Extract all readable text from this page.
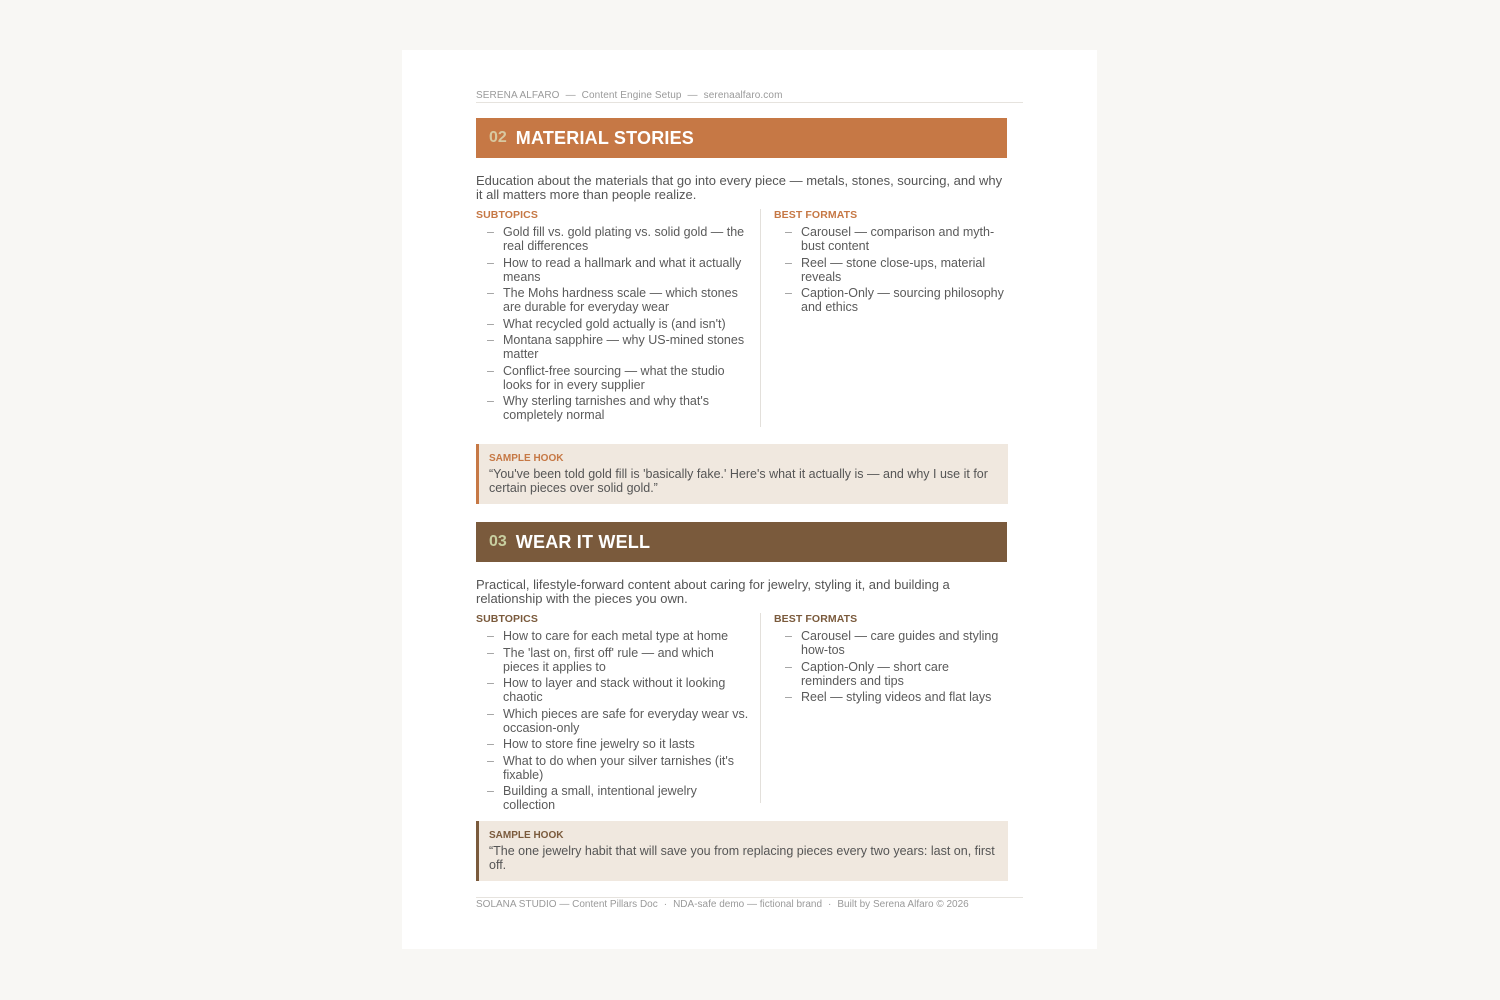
SERENA ALFARO — Content Engine Setup — serenaalfaro.com
02 MATERIAL STORIES
Education about the materials that go into every piece — metals, stones, sourcing, and why it all matters more than people realize.
SUBTOPICS
– Gold fill vs. gold plating vs. solid gold — the real differences
– How to read a hallmark and what it actually means
– The Mohs hardness scale — which stones are durable for everyday wear
– What recycled gold actually is (and isn't)
– Montana sapphire — why US-mined stones matter
– Conflict-free sourcing — what the studio looks for in every supplier
– Why sterling tarnishes and why that's completely normal
BEST FORMATS
– Carousel — comparison and myth-bust content
– Reel — stone close-ups, material reveals
– Caption-Only — sourcing philosophy and ethics
SAMPLE HOOK
“You've been told gold fill is 'basically fake.' Here's what it actually is — and why I use it for certain pieces over solid gold.”
03 WEAR IT WELL
Practical, lifestyle-forward content about caring for jewelry, styling it, and building a relationship with the pieces you own.
SUBTOPICS
– How to care for each metal type at home
– The 'last on, first off' rule — and which pieces it applies to
– How to layer and stack without it looking chaotic
– Which pieces are safe for everyday wear vs. occasion-only
– How to store fine jewelry so it lasts
– What to do when your silver tarnishes (it's fixable)
– Building a small, intentional jewelry collection
BEST FORMATS
– Carousel — care guides and styling how-tos
– Caption-Only — short care reminders and tips
– Reel — styling videos and flat lays
SAMPLE HOOK
“The one jewelry habit that will save you from replacing pieces every two years: last on, first off.
SOLANA STUDIO — Content Pillars Doc · NDA-safe demo — fictional brand · Built by Serena Alfaro © 2026
